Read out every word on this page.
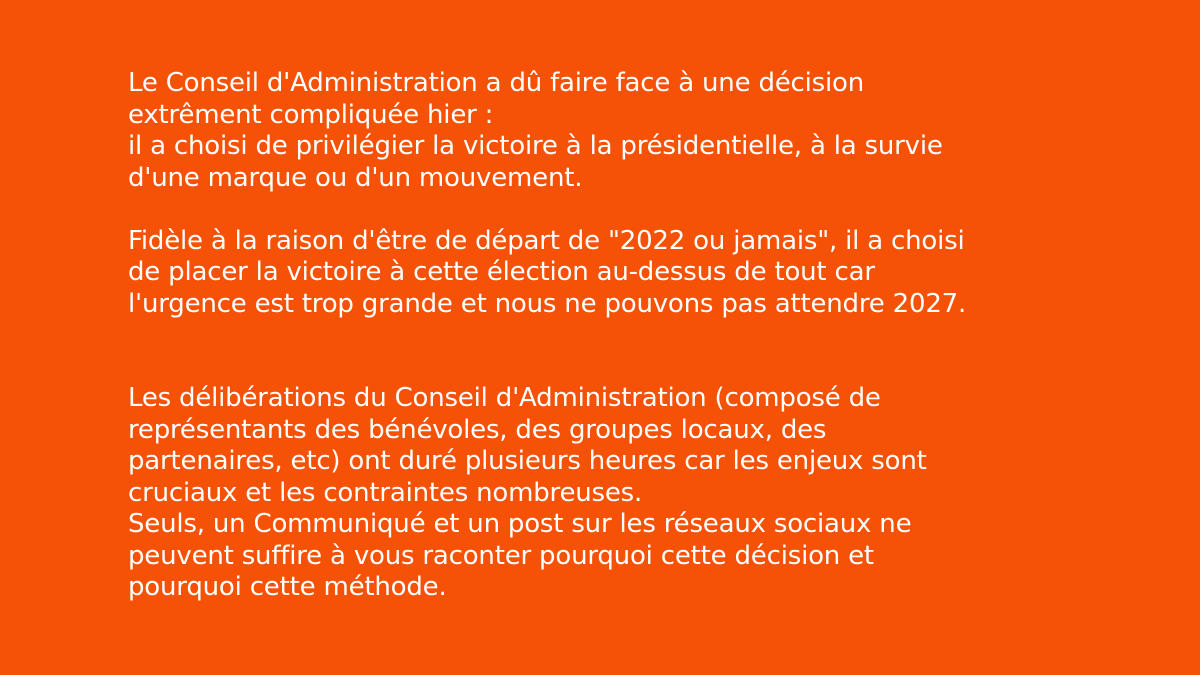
Le Conseil d'Administration a dû faire face à une décision
extrêment compliquée hier :
il a choisi de privilégier la victoire à la présidentielle, à la survie
d'une marque ou d'un mouvement.
Fidèle à la raison d'être de départ de "2022 ou jamais", il a choisi
de placer la victoire à cette élection au-dessus de tout car
l'urgence est trop grande et nous ne pouvons pas attendre 2027.
Les délibérations du Conseil d'Administration (composé de
représentants des bénévoles, des groupes locaux, des
partenaires, etc) ont duré plusieurs heures car les enjeux sont
cruciaux et les contraintes nombreuses.
Seuls, un Communiqué et un post sur les réseaux sociaux ne
peuvent suffire à vous raconter pourquoi cette décision et
pourquoi cette méthode.
